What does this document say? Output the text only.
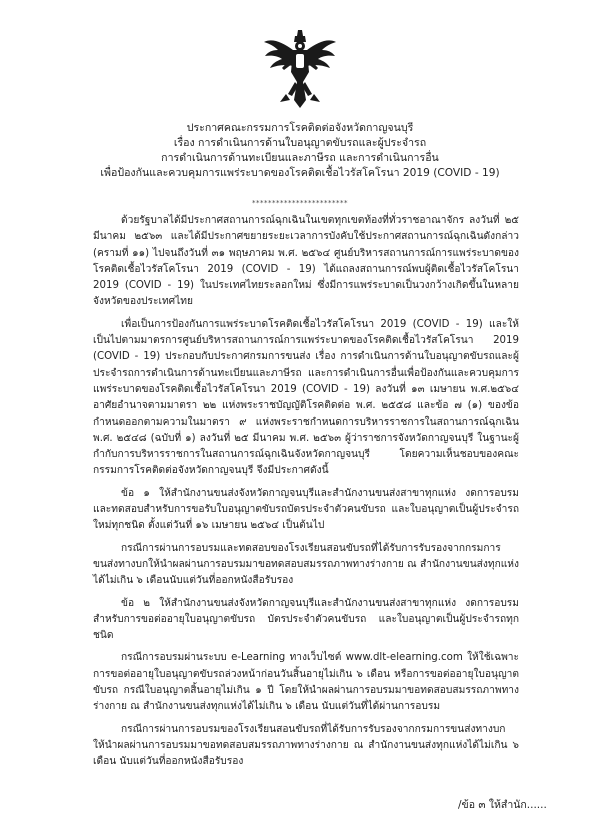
ประกาศคณะกรรมการโรคติดต่อจังหวัดกาญจนบุรี
เรื่อง การดำเนินการด้านใบอนุญาตขับรถและผู้ประจำรถ
การดำเนินการด้านทะเบียนและภาษีรถ และการดำเนินการอื่น
เพื่อป้องกันและควบคุมการแพร่ระบาดของโรคติดเชื้อไวรัสโคโรนา 2019 (COVID - 19)
************************

ด้วยรัฐบาลได้มีประกาศสถานการณ์ฉุกเฉินในเขตทุกเขตท้องที่ทั่วราชอาณาจักร ลงวันที่ ๒๕ มีนาคม ๒๕๖๓ และได้มีประกาศขยายระยะเวลาการบังคับใช้ประกาศสถานการณ์ฉุกเฉินดังกล่าว (ครามที่ ๑๑) ไปจนถึงวันที่ ๓๑ พฤษภาคม พ.ศ. ๒๕๖๔ ศูนย์บริหารสถานการณ์การแพร่ระบาดของโรคติดเชื้อไวรัสโคโรนา 2019 (COVID - 19) ได้แถลงสถานการณ์พบผู้ติดเชื้อไวรัสโคโรนา 2019 (COVID - 19) ในประเทศไทยระลอกใหม่ ซึ่งมีการแพร่ระบาดเป็นวงกว้างเกิดขึ้นในหลายจังหวัดของประเทศไทย

เพื่อเป็นการป้องกันการแพร่ระบาดโรคติดเชื้อไวรัสโคโรนา 2019 (COVID - 19) และให้เป็นไปตามมาตรการศูนย์บริหารสถานการณ์การแพร่ระบาดของโรคติดเชื้อไวรัสโคโรนา 2019 (COVID - 19) ประกอบกับประกาศกรมการขนส่ง เรื่อง การดำเนินการด้านใบอนุญาตขับรถและผู้ประจำรถการดำเนินการด้านทะเบียนและภาษีรถ และการดำเนินการอื่นเพื่อป้องกันและควบคุมการแพร่ระบาดของโรคติดเชื้อไวรัสโคโรนา 2019 (COVID - 19) ลงวันที่ ๑๓ เมษายน พ.ศ.๒๕๖๔ อาศัยอำนาจตามมาตรา ๒๒ แห่งพระราชบัญญัติโรคติดต่อ พ.ศ. ๒๕๕๘ และข้อ ๗ (๑) ของข้อกำหนดออกตามความในมาตรา ๙ แห่งพระราชกำหนดการบริหารราชการในสถานการณ์ฉุกเฉิน พ.ศ. ๒๕๔๘ (ฉบับที่ ๑) ลงวันที่ ๒๕ มีนาคม พ.ศ. ๒๕๖๓ ผู้ว่าราชการจังหวัดกาญจนบุรี ในฐานะผู้กำกับการบริหารราชการในสถานการณ์ฉุกเฉินจังหวัดกาญจนบุรี โดยความเห็นชอบของคณะกรรมการโรคติดต่อจังหวัดกาญจนบุรี จึงมีประกาศดังนี้

ข้อ ๑ ให้สำนักงานขนส่งจังหวัดกาญจนบุรีและสำนักงานขนส่งสาขาทุกแห่ง งดการอบรมและทดสอบสำหรับการขอรับใบอนุญาตขับรถบัตรประจำตัวคนขับรถ และใบอนุญาตเป็นผู้ประจำรถใหม่ทุกชนิด ตั้งแต่วันที่ ๑๖ เมษายน ๒๕๖๔ เป็นต้นไป

กรณีการผ่านการอบรมและทดสอบของโรงเรียนสอนขับรถที่ได้รับการรับรองจากกรมการขนส่งทางบกให้นำผลผ่านการอบรมมาขอทดสอบสมรรถภาพทางร่างกาย ณ สำนักงานขนส่งทุกแห่งได้ไม่เกิน ๖ เดือนนับแต่วันที่ออกหนังสือรับรอง

ข้อ ๒ ให้สำนักงานขนส่งจังหวัดกาญจนบุรีและสำนักงานขนส่งสาขาทุกแห่ง งดการอบรมสำหรับการขอต่ออายุใบอนุญาตขับรถ บัตรประจำตัวคนขับรถ และใบอนุญาตเป็นผู้ประจำรถทุกชนิด

กรณีการอบรมผ่านระบบ e-Learning ทางเว็บไซต์ www.dlt-elearning.com ให้ใช้เฉพาะการขอต่ออายุใบอนุญาตขับรถล่วงหน้าก่อนวันสิ้นอายุไม่เกิน ๖ เดือน หรือการขอต่ออายุใบอนุญาตขับรถ กรณีใบอนุญาตสิ้นอายุไม่เกิน ๑ ปี โดยให้นำผลผ่านการอบรมมาขอทดสอบสมรรถภาพทางร่างกาย ณ สำนักงานขนส่งทุกแห่งได้ไม่เกิน ๖ เดือน นับแต่วันที่ได้ผ่านการอบรม

กรณีการผ่านการอบรมของโรงเรียนสอนขับรถที่ได้รับการรับรองจากกรมการขนส่งทางบก ให้นำผลผ่านการอบรมมาขอทดสอบสมรรถภาพทางร่างกาย ณ สำนักงานขนส่งทุกแห่งได้ไม่เกิน ๖ เดือน นับแต่วันที่ออกหนังสือรับรอง

/ข้อ ๓ ให้สำนัก......
